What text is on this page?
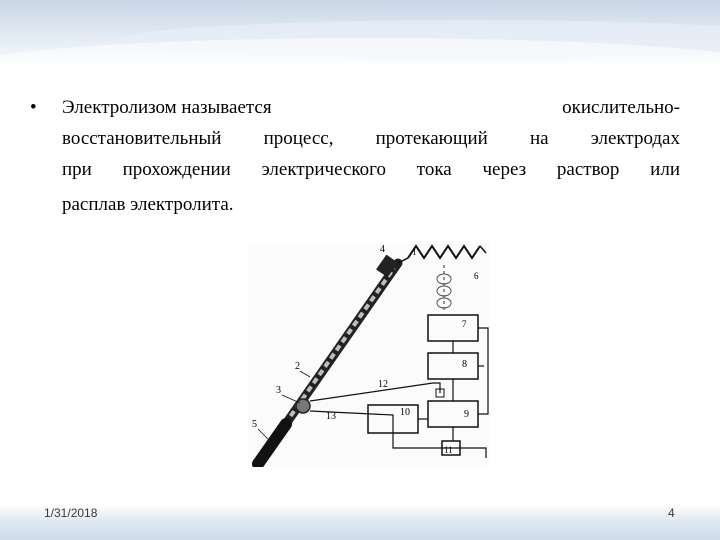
•	Электролизом называется	окислительно-
восстановительный процесс, протекающий на электродах
при прохождении электрического тока через раствор или
расплав электролита.
4	1
6
7
8
9
10
11
12
13
2
3
5
1/31/2018	4
